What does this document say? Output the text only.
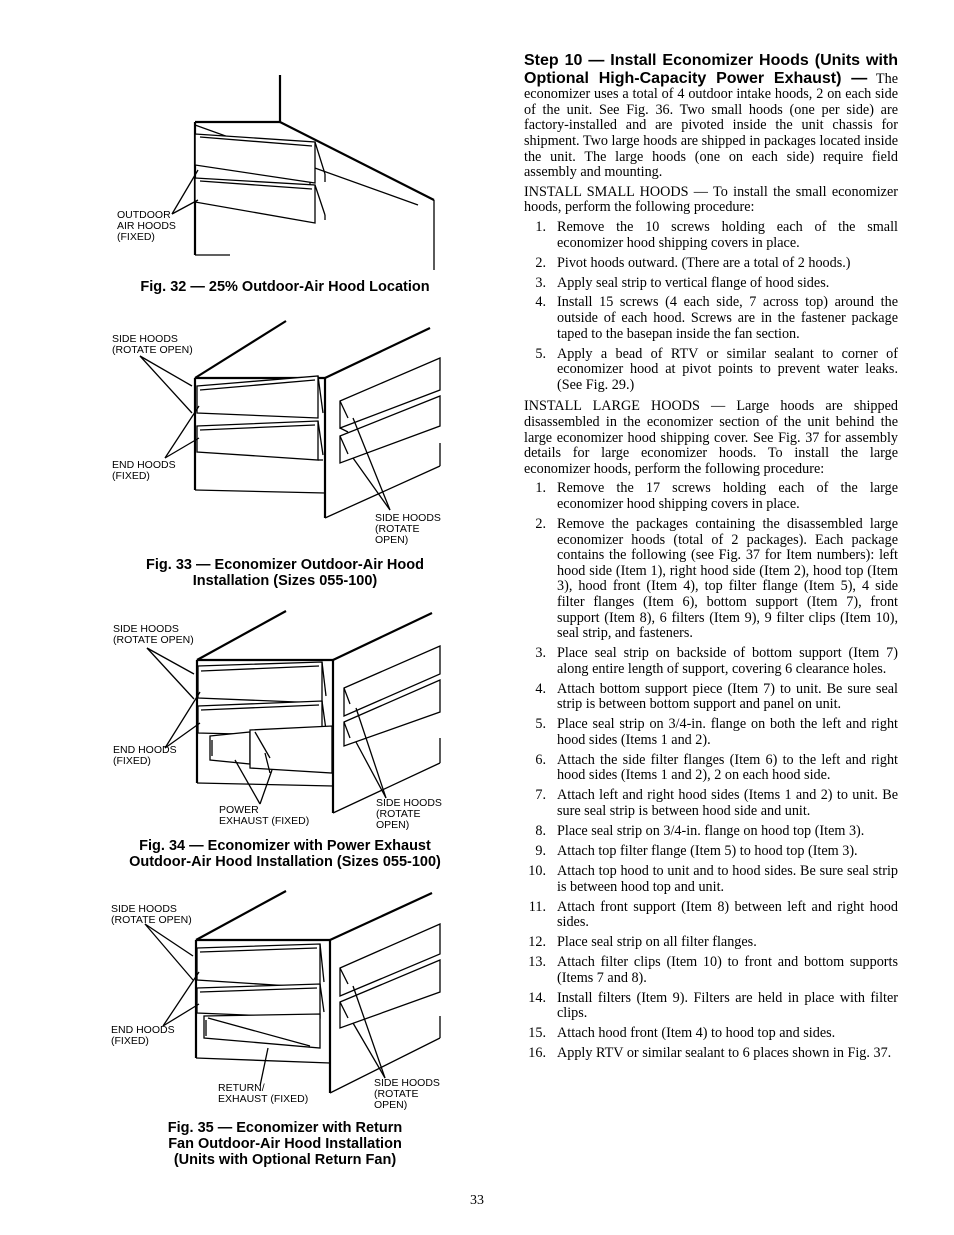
OUTDOOR
AIR HOODS
(FIXED)
Fig. 32 — 25% Outdoor-Air Hood Location
SIDE HOODS
(ROTATE OPEN)
END HOODS
(FIXED)
SIDE HOODS
(ROTATE
OPEN)
Fig. 33 — Economizer Outdoor-Air Hood
Installation (Sizes 055-100)
SIDE HOODS
(ROTATE OPEN)
END HOODS
(FIXED)
POWER
EXHAUST (FIXED)
SIDE HOODS
(ROTATE
OPEN)
Fig. 34 — Economizer with Power Exhaust
Outdoor-Air Hood Installation (Sizes 055-100)
SIDE HOODS
(ROTATE OPEN)
END HOODS
(FIXED)
RETURN/
EXHAUST (FIXED)
SIDE HOODS
(ROTATE
OPEN)
Fig. 35 — Economizer with Return
Fan Outdoor-Air Hood Installation
(Units with Optional Return Fan)

Step 10 — Install Economizer Hoods (Units with Optional High-Capacity Power Exhaust) — The economizer uses a total of 4 outdoor intake hoods, 2 on each side of the unit. See Fig. 36. Two small hoods (one per side) are factory-installed and are pivoted inside the unit chassis for shipment. Two large hoods are shipped in packages located inside the unit. The large hoods (one on each side) require field assembly and mounting.

INSTALL SMALL HOODS — To install the small economizer hoods, perform the following procedure:

1. Remove the 10 screws holding each of the small economizer hood shipping covers in place.
2. Pivot hoods outward. (There are a total of 2 hoods.)
3. Apply seal strip to vertical flange of hood sides.
4. Install 15 screws (4 each side, 7 across top) around the outside of each hood. Screws are in the fastener package taped to the basepan inside the fan section.
5. Apply a bead of RTV or similar sealant to corner of economizer hood at pivot points to prevent water leaks. (See Fig. 29.)

INSTALL LARGE HOODS — Large hoods are shipped disassembled in the economizer section of the unit behind the large economizer hood shipping cover. See Fig. 37 for assembly details for large economizer hoods. To install the large economizer hoods, perform the following procedure:

1. Remove the 17 screws holding each of the large economizer hood shipping covers in place.
2. Remove the packages containing the disassembled large economizer hoods (total of 2 packages). Each package contains the following (see Fig. 37 for Item numbers): left hood side (Item 1), right hood side (Item 2), hood top (Item 3), hood front (Item 4), top filter flange (Item 5), 4 side filter flanges (Item 6), bottom support (Item 7), front support (Item 8), 6 filters (Item 9), 9 filter clips (Item 10), seal strip, and fasteners.
3. Place seal strip on backside of bottom support (Item 7) along entire length of support, covering 6 clearance holes.
4. Attach bottom support piece (Item 7) to unit. Be sure seal strip is between bottom support and panel on unit.
5. Place seal strip on 3/4-in. flange on both the left and right hood sides (Items 1 and 2).
6. Attach the side filter flanges (Item 6) to the left and right hood sides (Items 1 and 2), 2 on each hood side.
7. Attach left and right hood sides (Items 1 and 2) to unit. Be sure seal strip is between hood side and unit.
8. Place seal strip on 3/4-in. flange on hood top (Item 3).
9. Attach top filter flange (Item 5) to hood top (Item 3).
10. Attach top hood to unit and to hood sides. Be sure seal strip is between hood top and unit.
11. Attach front support (Item 8) between left and right hood sides.
12. Place seal strip on all filter flanges.
13. Attach filter clips (Item 10) to front and bottom supports (Items 7 and 8).
14. Install filters (Item 9). Filters are held in place with filter clips.
15. Attach hood front (Item 4) to hood top and sides.
16. Apply RTV or similar sealant to 6 places shown in Fig. 37.
33
